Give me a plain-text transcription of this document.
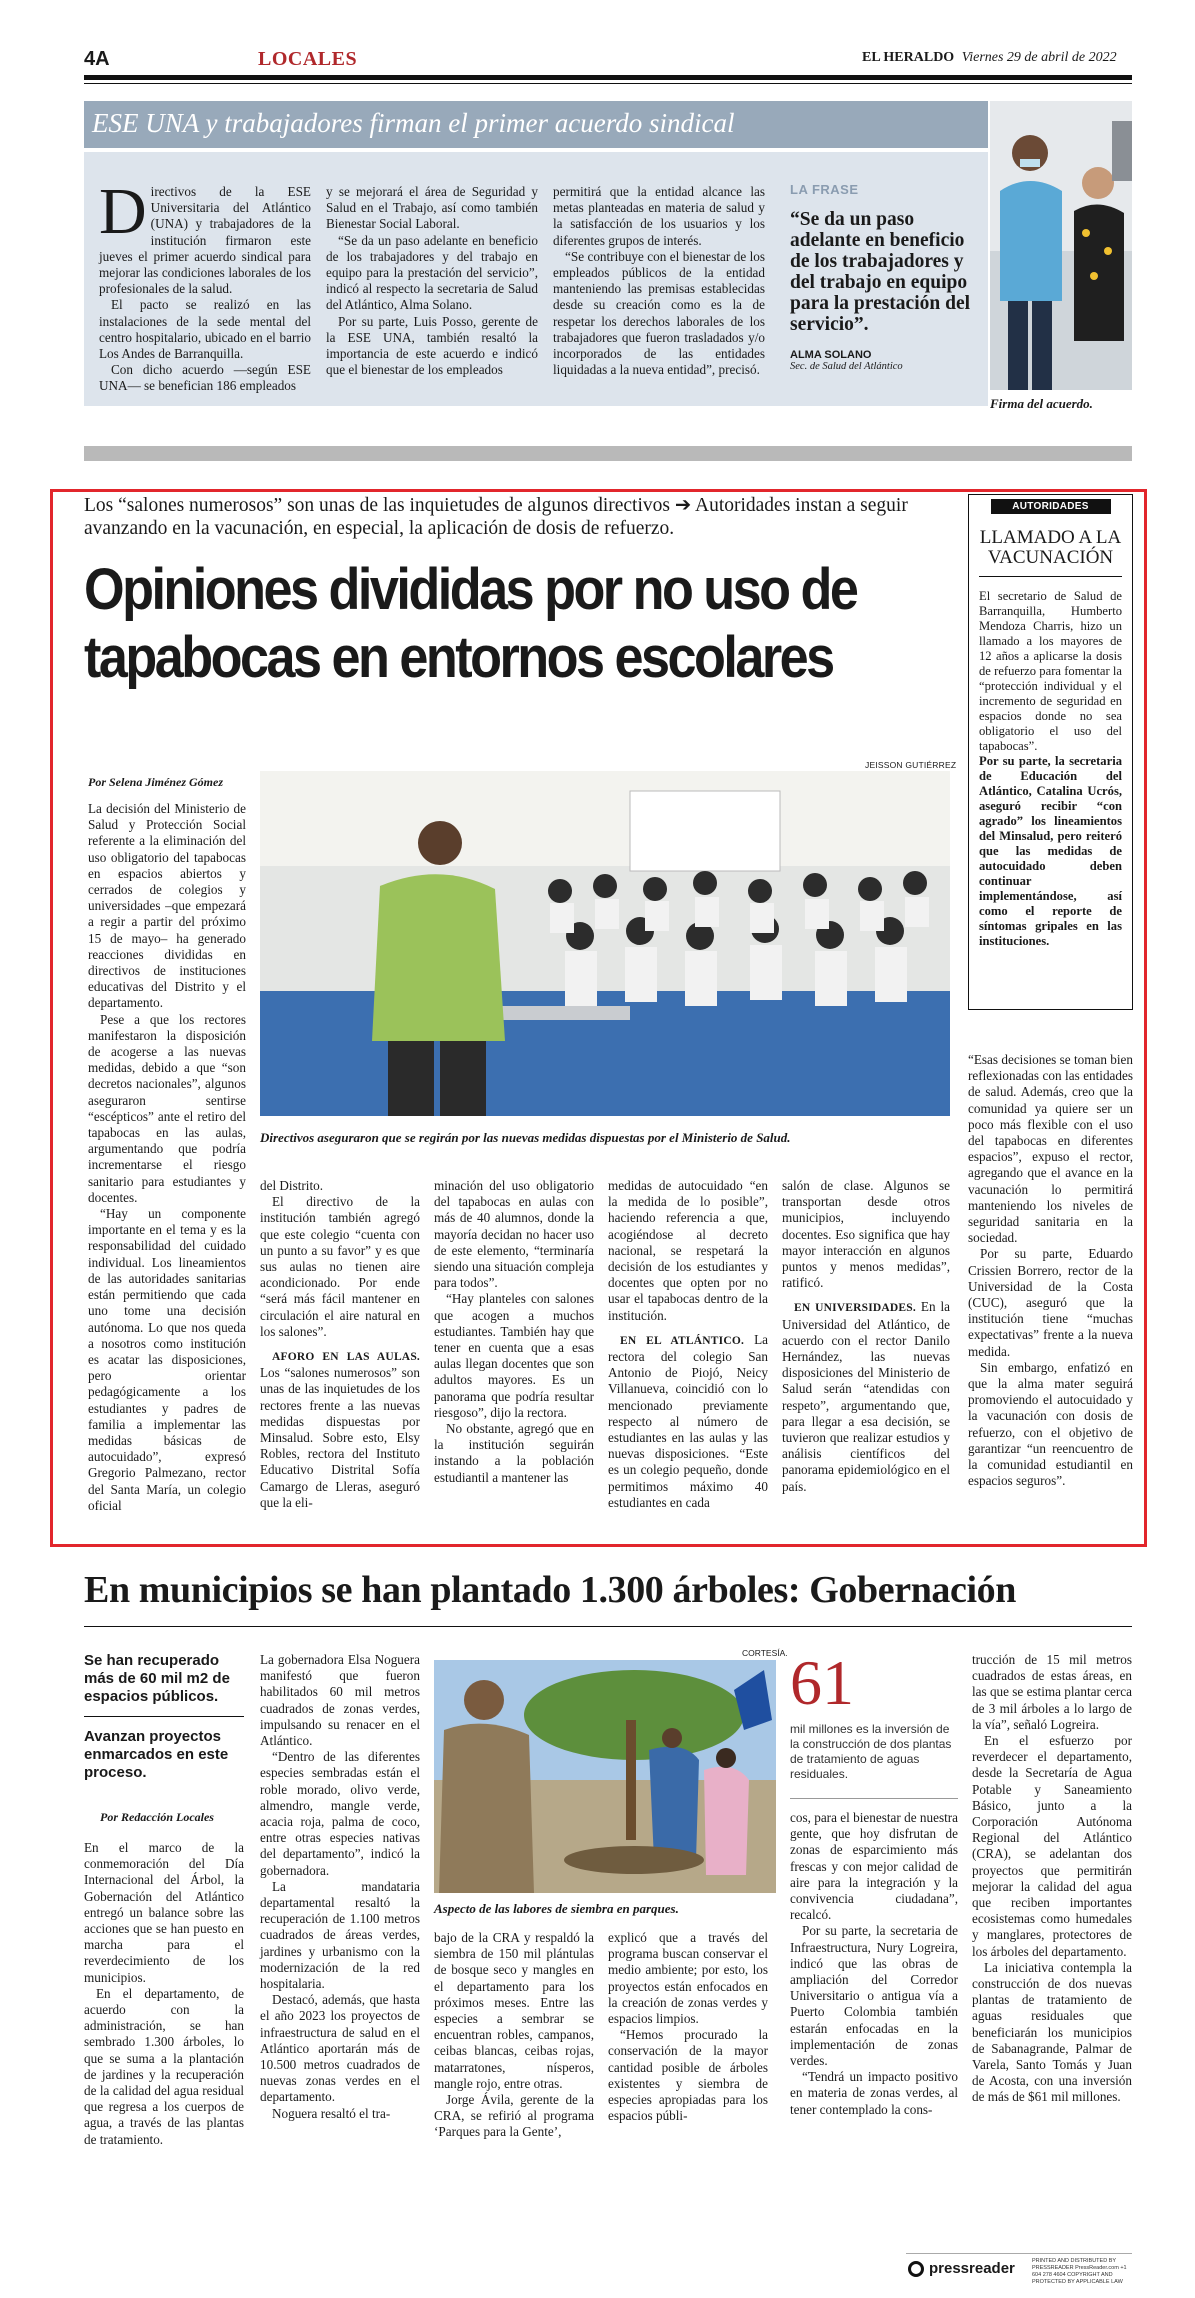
4A	LOCALES	EL HERALDO Viernes 29 de abril de 2022
ESE UNA y trabajadores firman el primer acuerdo sindical
D irectivos de la ESE Universitaria del Atlántico (UNA) y trabajadores de la institución firmaron este jueves el primer acuerdo sindical para mejorar las condiciones laborales de los profesionales de la salud.

El pacto se realizó en las instalaciones de la sede mental del centro hospitalario, ubicado en el barrio Los Andes de Barranquilla.

Con dicho acuerdo —según ESE UNA— se benefician 186 empleados

y se mejorará el área de Seguridad y Salud en el Trabajo, así como también Bienestar Social Laboral.

“Se da un paso adelante en beneficio de los trabajadores y del trabajo en equipo para la prestación del servicio”, indicó al respecto la secretaria de Salud del Atlántico, Alma Solano.

Por su parte, Luis Posso, gerente de la ESE UNA, también resaltó la importancia de este acuerdo e indicó que el bienestar de los empleados

permitirá que la entidad alcance las metas planteadas en materia de salud y la satisfacción de los usuarios y los diferentes grupos de interés.

“Se contribuye con el bienestar de los empleados públicos de la entidad manteniendo las premisas establecidas desde su creación como es la de respetar los derechos laborales de los trabajadores que fueron trasladados y/o incorporados de las entidades liquidadas a la nueva entidad”, precisó.

LA FRASE
“Se da un paso adelante en beneficio de los trabajadores y del trabajo en equipo para la prestación del servicio”.
ALMA SOLANO
Sec. de Salud del Atlántico
Firma del acuerdo.
Los “salones numerosos” son unas de las inquietudes de algunos directivos ➔ Autoridades instan a seguir avanzando en la vacunación, en especial, la aplicación de dosis de refuerzo.
Opiniones divididas por no uso de tapabocas en entornos escolares
JEISSON GUTIÉRREZ
Por Selena Jiménez Gómez
Directivos aseguraron que se regirán por las nuevas medidas dispuestas por el Ministerio de Salud.

La decisión del Ministerio de Salud y Protección Social referente a la eliminación del uso obligatorio del tapabocas en espacios abiertos y cerrados de colegios y universidades –que empezará a regir a partir del próximo 15 de mayo– ha generado reacciones divididas en directivos de instituciones educativas del Distrito y el departamento.

Pese a que los rectores manifestaron la disposición de acogerse a las nuevas medidas, debido a que “son decretos nacionales”, algunos aseguraron sentirse “escépticos” ante el retiro del tapabocas en las aulas, argumentando que podría incrementarse el riesgo sanitario para estudiantes y docentes.

“Hay un componente importante en el tema y es la responsabilidad del cuidado individual. Los lineamientos de las autoridades sanitarias están permitiendo que cada uno tome una decisión autónoma. Lo que nos queda a nosotros como institución es acatar las disposiciones, pero orientar pedagógicamente a los estudiantes y padres de familia a implementar las medidas básicas de autocuidado”, expresó Gregorio Palmezano, rector del Santa María, un colegio oficial

del Distrito.

El directivo de la institución también agregó que este colegio “cuenta con un punto a su favor” y es que sus aulas no tienen aire acondicionado. Por ende “será más fácil mantener en circulación el aire natural en los salones”.

AFORO EN LAS AULAS. Los “salones numerosos” son unas de las inquietudes de los rectores frente a las nuevas medidas dispuestas por Minsalud. Sobre esto, Elsy Robles, rectora del Instituto Educativo Distrital Sofía Camargo de Lleras, aseguró que la eli-

minación del uso obligatorio del tapabocas en aulas con más de 40 alumnos, donde la mayoría decidan no hacer uso de este elemento, “terminaría siendo una situación compleja para todos”.

“Hay planteles con salones que acogen a muchos estudiantes. También hay que tener en cuenta que a esas aulas llegan docentes que son adultos mayores. Es un panorama que podría resultar riesgoso”, dijo la rectora.

No obstante, agregó que en la institución seguirán instando a la población estudiantil a mantener las

medidas de autocuidado “en la medida de lo posible”, haciendo referencia a que, acogiéndose al decreto nacional, se respetará la decisión de los estudiantes y docentes que opten por no usar el tapabocas dentro de la institución.

EN EL ATLÁNTICO. La rectora del colegio San Antonio de Piojó, Neicy Villanueva, coincidió con lo mencionado previamente respecto al número de estudiantes en las aulas y las nuevas disposiciones. “Este es un colegio pequeño, donde permitimos máximo 40 estudiantes en cada

salón de clase. Algunos se transportan desde otros municipios, incluyendo docentes. Eso significa que hay mayor interacción en algunos puntos y menos medidas”, ratificó.

EN UNIVERSIDADES. En la Universidad del Atlántico, de acuerdo con el rector Danilo Hernández, las nuevas disposiciones del Ministerio de Salud serán “atendidas con respeto”, argumentando que, para llegar a esa decisión, se tuvieron que realizar estudios y análisis científicos del panorama epidemiológico en el país.

AUTORIDADES
LLAMADO A LA VACUNACIÓN

El secretario de Salud de Barranquilla, Humberto Mendoza Charris, hizo un llamado a los mayores de 12 años a aplicarse la dosis de refuerzo para fomentar la “protección individual y el incremento de seguridad en espacios donde no sea obligatorio el uso del tapabocas”.

Por su parte, la secretaria de Educación del Atlántico, Catalina Ucrós, aseguró recibir “con agrado” los lineamientos del Minsalud, pero reiteró que las medidas de autocuidado deben continuar implementándose, así como el reporte de síntomas gripales en las instituciones.

“Esas decisiones se toman bien reflexionadas con las entidades de salud. Además, creo que la comunidad ya quiere ser un poco más flexible con el uso del tapabocas en diferentes espacios”, expuso el rector, agregando que el avance en la vacunación lo permitirá manteniendo los niveles de seguridad sanitaria en la sociedad.

Por su parte, Eduardo Crissien Borrero, rector de la Universidad de la Costa (CUC), aseguró que la institución tiene “muchas expectativas” frente a la nueva medida.

Sin embargo, enfatizó en que la alma mater seguirá promoviendo el autocuidado y la vacunación con dosis de refuerzo, con el objetivo de garantizar “un reencuentro de la comunidad estudiantil en espacios seguros”.

En municipios se han plantado 1.300 árboles: Gobernación
Se han recuperado más de 60 mil m2 de espacios públicos.
Avanzan proyectos enmarcados en este proceso.
Por Redacción Locales

En el marco de la conmemoración del Día Internacional del Árbol, la Gobernación del Atlántico entregó un balance sobre las acciones que se han puesto en marcha para el reverdecimiento de los municipios.

En el departamento, de acuerdo con la administración, se han sembrado 1.300 árboles, lo que se suma a la plantación de jardines y la recuperación de la calidad del agua residual que regresa a los cuerpos de agua, a través de las plantas de tratamiento.

La gobernadora Elsa Noguera manifestó que fueron habilitados 60 mil metros cuadrados de zonas verdes, impulsando su renacer en el Atlántico.

“Dentro de las diferentes especies sembradas están el roble morado, olivo verde, almendro, mangle verde, acacia roja, palma de coco, entre otras especies nativas del departamento”, indicó la gobernadora.

La mandataria departamental resaltó la recuperación de 1.100 metros cuadrados de áreas verdes, jardines y urbanismo con la modernización de la red hospitalaria.

Destacó, además, que hasta el año 2023 los proyectos de infraestructura de salud en el Atlántico aportarán más de 10.500 metros cuadrados de nuevas zonas verdes en el departamento.

Noguera resaltó el tra-

CORTESÍA.
Aspecto de las labores de siembra en parques.
61
mil millones es la inversión de la construcción de dos plantas de tratamiento de aguas residuales.

bajo de la CRA y respaldó la siembra de 150 mil plántulas de bosque seco y mangles en el departamento para los próximos meses. Entre las especies a sembrar se encuentran robles, campanos, ceibas blancas, ceibas rojas, matarratones, nísperos, mangle rojo, entre otras.

Jorge Ávila, gerente de la CRA, se refirió al programa ‘Parques para la Gente’,

explicó que a través del programa buscan conservar el medio ambiente; por esto, los proyectos están enfocados en la creación de zonas verdes y espacios limpios.

“Hemos procurado la conservación de la mayor cantidad posible de árboles existentes y siembra de especies apropiadas para los espacios públi-

cos, para el bienestar de nuestra gente, que hoy disfrutan de zonas de esparcimiento más frescas y con mejor calidad de aire para la integración y la convivencia ciudadana”, recalcó.

Por su parte, la secretaria de Infraestructura, Nury Logreira, indicó que las obras de ampliación del Corredor Universitario o antigua vía a Puerto Colombia también estarán enfocadas en la implementación de zonas verdes.

“Tendrá un impacto positivo en materia de zonas verdes, al tener contemplado la cons-

trucción de 15 mil metros cuadrados de estas áreas, en las que se estima plantar cerca de 3 mil árboles a lo largo de la vía”, señaló Logreira.

En el esfuerzo por reverdecer el departamento, desde la Secretaría de Agua Potable y Saneamiento Básico, junto a la Corporación Autónoma Regional del Atlántico (CRA), se adelantan dos proyectos que permitirán mejorar la calidad del agua que reciben importantes ecosistemas como humedales y manglares, protectores de los árboles del departamento.

La iniciativa contempla la construcción de dos nuevas plantas de tratamiento de aguas residuales que beneficiarán los municipios de Sabanagrande, Palmar de Varela, Santo Tomás y Juan de Acosta, con una inversión de más de $61 mil millones.

pressreader	PRINTED AND DISTRIBUTED BY PRESSREADER PressReader.com +1 604 278 4604 COPYRIGHT AND PROTECTED BY APPLICABLE LAW
